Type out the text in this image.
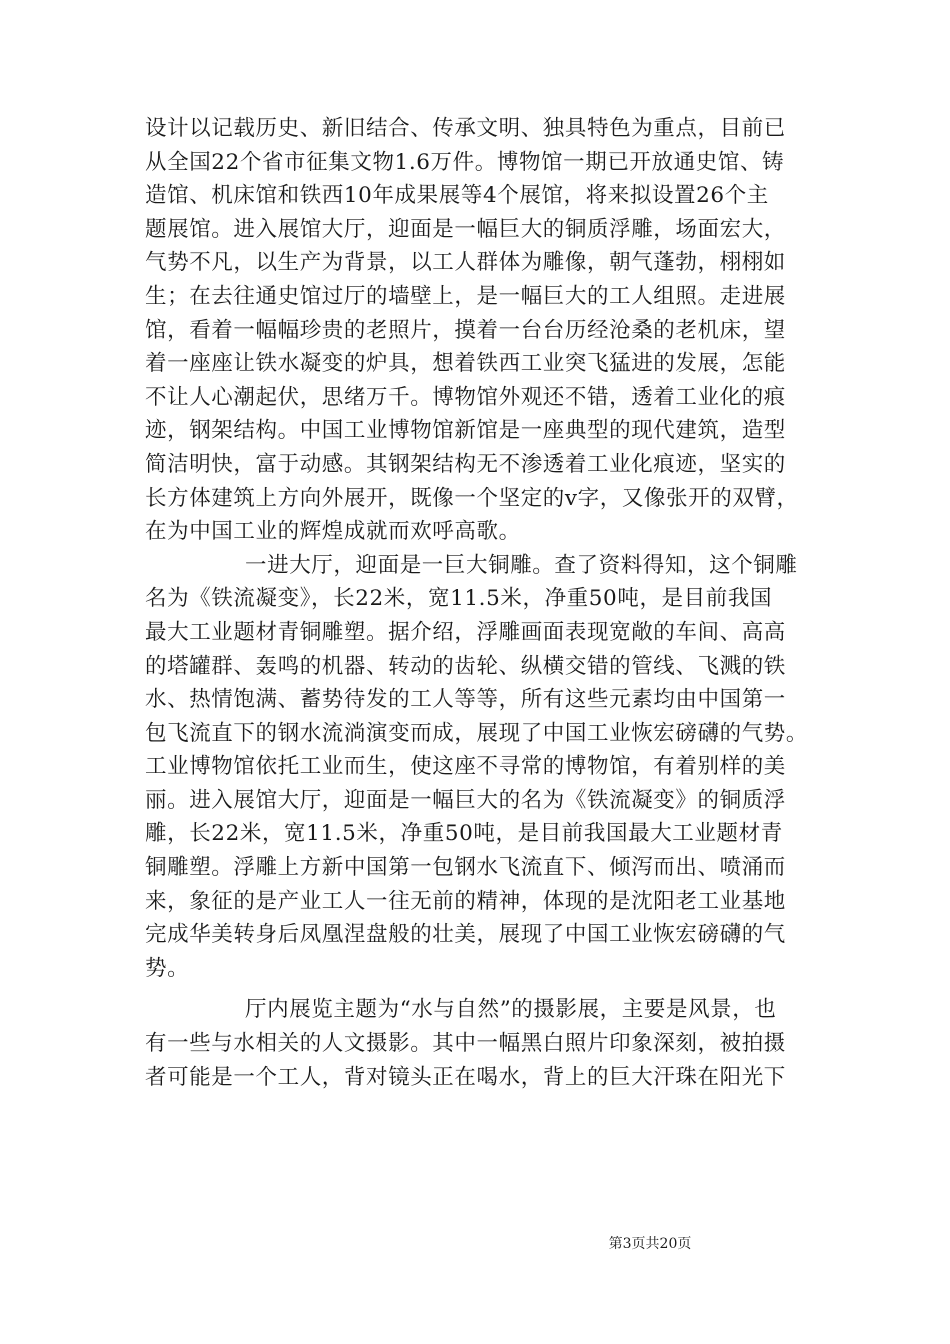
设计以记载历史、新旧结合、传承文明、独具特色为重点，目前已
从全国22个省市征集文物1.6万件。博物馆一期已开放通史馆、铸
造馆、机床馆和铁西10年成果展等4个展馆，将来拟设置26个主
题展馆。进入展馆大厅，迎面是一幅巨大的铜质浮雕，场面宏大，
气势不凡，以生产为背景，以工人群体为雕像，朝气蓬勃，栩栩如
生；在去往通史馆过厅的墙壁上，是一幅巨大的工人组照。走进展
馆，看着一幅幅珍贵的老照片，摸着一台台历经沧桑的老机床，望
着一座座让铁水凝变的炉具，想着铁西工业突飞猛进的发展，怎能
不让人心潮起伏，思绪万千。博物馆外观还不错，透着工业化的痕
迹，钢架结构。中国工业博物馆新馆是一座典型的现代建筑，造型
简洁明快，富于动感。其钢架结构无不渗透着工业化痕迹，坚实的
长方体建筑上方向外展开，既像一个坚定的v字，又像张开的双臂，
在为中国工业的辉煌成就而欢呼高歌。
一进大厅，迎面是一巨大铜雕。查了资料得知，这个铜雕
名为《铁流凝变》，长22米，宽11.5米，净重50吨，是目前我国
最大工业题材青铜雕塑。据介绍，浮雕画面表现宽敞的车间、高高
的塔罐群、轰鸣的机器、转动的齿轮、纵横交错的管线、飞溅的铁
水、热情饱满、蓄势待发的工人等等，所有这些元素均由中国第一
包飞流直下的钢水流淌演变而成，展现了中国工业恢宏磅礴的气势。
工业博物馆依托工业而生，使这座不寻常的博物馆，有着别样的美
丽。进入展馆大厅，迎面是一幅巨大的名为《铁流凝变》的铜质浮
雕，长22米，宽11.5米，净重50吨，是目前我国最大工业题材青
铜雕塑。浮雕上方新中国第一包钢水飞流直下、倾泻而出、喷涌而
来，象征的是产业工人一往无前的精神，体现的是沈阳老工业基地
完成华美转身后凤凰涅盘般的壮美，展现了中国工业恢宏磅礴的气
势。
厅内展览主题为“水与自然”的摄影展，主要是风景，也
有一些与水相关的人文摄影。其中一幅黑白照片印象深刻，被拍摄
者可能是一个工人，背对镜头正在喝水，背上的巨大汗珠在阳光下
第3页共20页
